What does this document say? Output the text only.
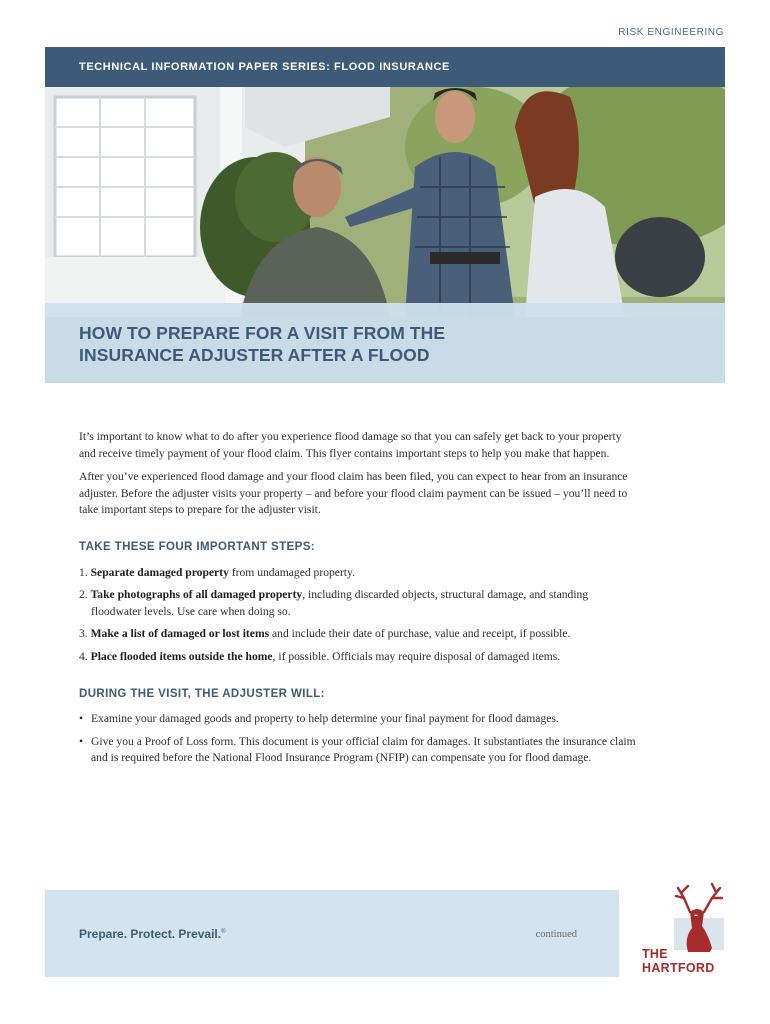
RISK ENGINEERING
TECHNICAL INFORMATION PAPER SERIES: FLOOD INSURANCE
HOW TO PREPARE FOR A VISIT FROM THE
INSURANCE ADJUSTER AFTER A FLOOD

It’s important to know what to do after you experience flood damage so that you can safely get back to your property and receive timely payment of your flood claim. This flyer contains important steps to help you make that happen.

After you’ve experienced flood damage and your flood claim has been filed, you can expect to hear from an insurance adjuster. Before the adjuster visits your property – and before your flood claim payment can be issued – you’ll need to take important steps to prepare for the adjuster visit.

TAKE THESE FOUR IMPORTANT STEPS:
1. Separate damaged property from undamaged property.
2. Take photographs of all damaged property, including discarded objects, structural damage, and standing floodwater levels. Use care when doing so.
3. Make a list of damaged or lost items and include their date of purchase, value and receipt, if possible.
4. Place flooded items outside the home, if possible. Officials may require disposal of damaged items.
DURING THE VISIT, THE ADJUSTER WILL:
• Examine your damaged goods and property to help determine your final payment for flood damages.
• Give you a Proof of Loss form. This document is your official claim for damages. It substantiates the insurance claim and is required before the National Flood Insurance Program (NFIP) can compensate you for flood damage.
Prepare. Protect. Prevail.®	continued
THE
HARTFORD
